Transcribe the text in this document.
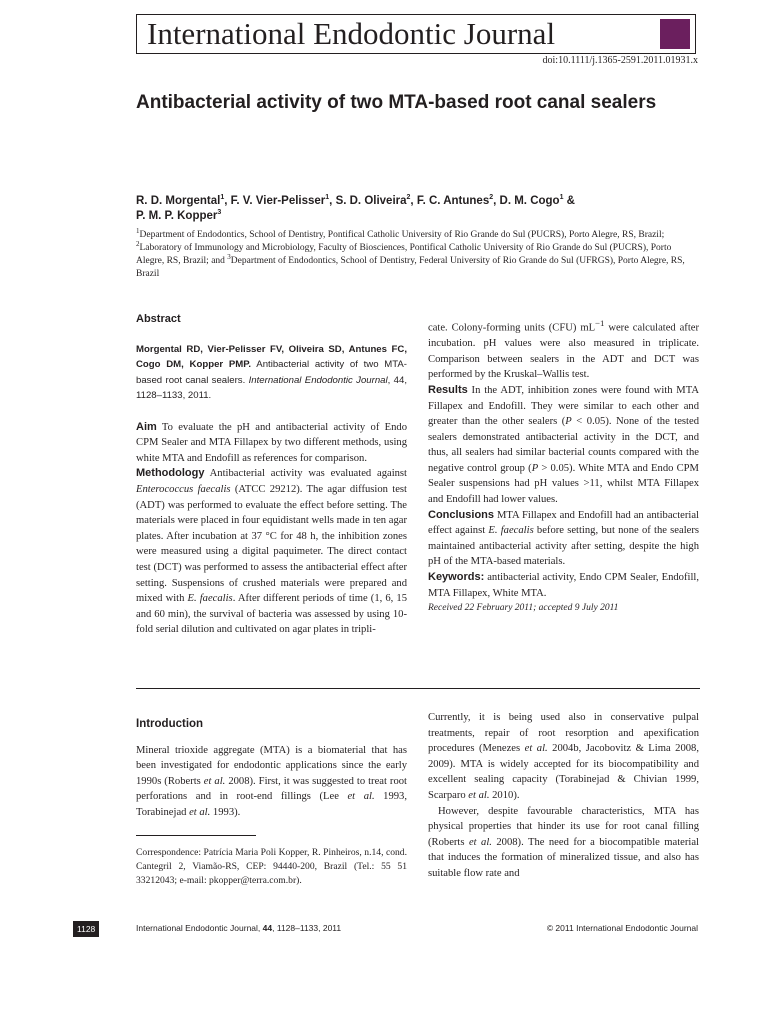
International Endodontic Journal
doi:10.1111/j.1365-2591.2011.01931.x
Antibacterial activity of two MTA-based root canal sealers
R. D. Morgental$^1$, F. V. Vier-Pelisser$^1$, S. D. Oliveira$^2$, F. C. Antunes$^2$, D. M. Cogo$^1$ &
P. M. P. Kopper$^3$
$^1$Department of Endodontics, School of Dentistry, Pontifical Catholic University of Rio Grande do Sul (PUCRS), Porto Alegre, RS, Brazil; $^2$Laboratory of Immunology and Microbiology, Faculty of Biosciences, Pontifical Catholic University of Rio Grande do Sul (PUCRS), Porto Alegre, RS, Brazil; and $^3$Department of Endodontics, School of Dentistry, Federal University of Rio Grande do Sul (UFRGS), Porto Alegre, RS, Brazil
Abstract
Morgental RD, Vier-Pelisser FV, Oliveira SD, Antunes FC, Cogo DM, Kopper PMP. Antibacterial activity of two MTA-based root canal sealers. International Endodontic Journal, 44, 1128–1133, 2011.

Aim To evaluate the pH and antibacterial activity of Endo CPM Sealer and MTA Fillapex by two different methods, using white MTA and Endofill as references for comparison.

Methodology Antibacterial activity was evaluated against Enterococcus faecalis (ATCC 29212). The agar diffusion test (ADT) was performed to evaluate the effect before setting. The materials were placed in four equidistant wells made in ten agar plates. After incubation at 37 °C for 48 h, the inhibition zones were measured using a digital paquimeter. The direct contact test (DCT) was performed to assess the antibacterial effect after setting. Suspensions of crushed materials were prepared and mixed with E. faecalis. After different periods of time (1, 6, 15 and 60 min), the survival of bacteria was assessed by using 10-fold serial dilution and cultivated on agar plates in tripli-

cate. Colony-forming units (CFU) $mL^{-1}$ were calculated after incubation. pH values were also measured in triplicate. Comparison between sealers in the ADT and DCT was performed by the Kruskal–Wallis test.

Results In the ADT, inhibition zones were found with MTA Fillapex and Endofill. They were similar to each other and greater than the other sealers (P < 0.05). None of the tested sealers demonstrated antibacterial activity in the DCT, and thus, all sealers had similar bacterial counts compared with the negative control group (P > 0.05). White MTA and Endo CPM Sealer suspensions had pH values >11, whilst MTA Fillapex and Endofill had lower values.

Conclusions MTA Fillapex and Endofill had an antibacterial effect against E. faecalis before setting, but none of the sealers maintained antibacterial activity after setting, despite the high pH of the MTA-based materials.

Keywords: antibacterial activity, Endo CPM Sealer, Endofill, MTA Fillapex, White MTA.

Received 22 February 2011; accepted 9 July 2011

Introduction

Mineral trioxide aggregate (MTA) is a biomaterial that has been investigated for endodontic applications since the early 1990s (Roberts et al. 2008). First, it was suggested to treat root perforations and in root-end fillings (Lee et al. 1993, Torabinejad et al. 1993).

Correspondence: Patrícia Maria Poli Kopper, R. Pinheiros, n.14, cond. Cantegril 2, Viamão-RS, CEP: 94440-200, Brazil (Tel.: 55 51 33212043; e-mail: pkopper@terra.com.br).

Currently, it is being used also in conservative pulpal treatments, repair of root resorption and apexification procedures (Menezes et al. 2004b, Jacobovitz & Lima 2008, 2009). MTA is widely accepted for its biocompatibility and excellent sealing capacity (Torabinejad & Chivian 1999, Scarparo et al. 2010).

However, despite favourable characteristics, MTA has physical properties that hinder its use for root canal filling (Roberts et al. 2008). The need for a biocompatible material that induces the formation of mineralized tissue, and also has suitable flow rate and

1128	International Endodontic Journal, 44, 1128–1133, 2011	© 2011 International Endodontic Journal
